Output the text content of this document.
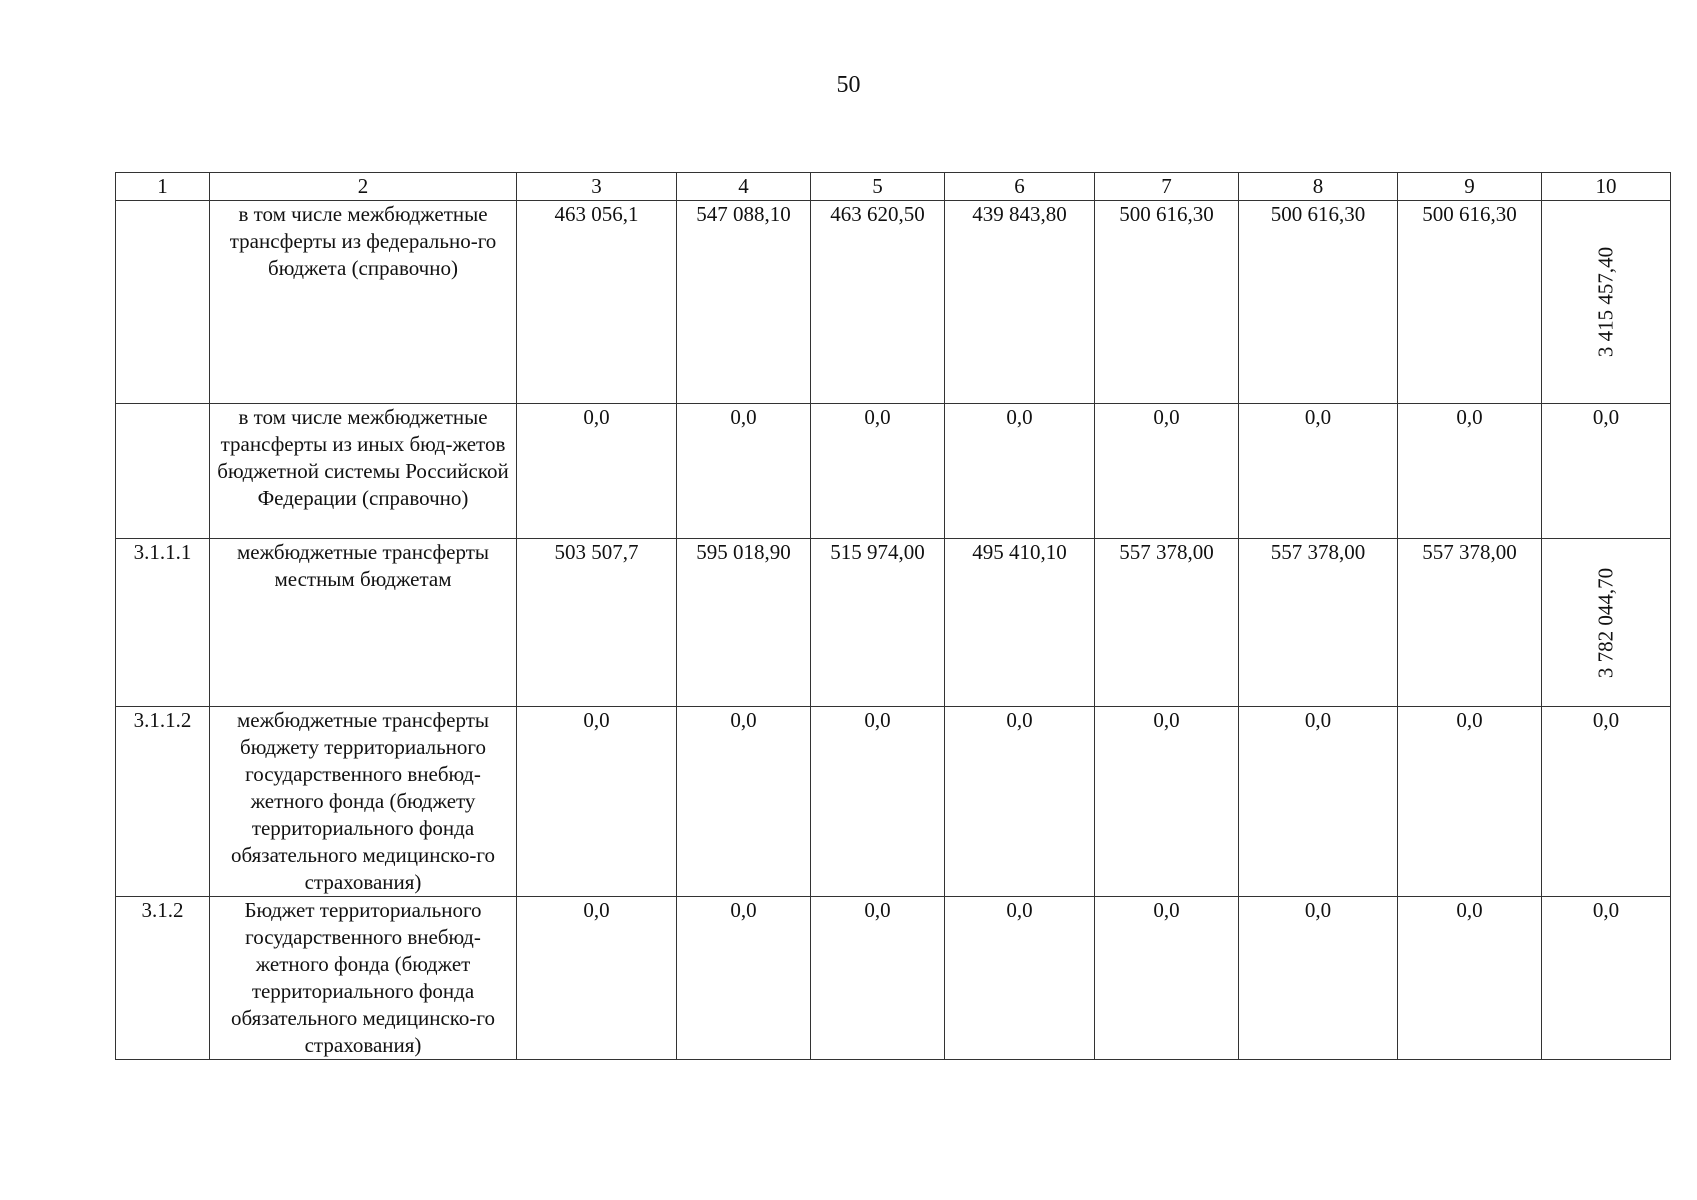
50
1	2	3	4	5	6	7	8	9	10
	в том числе межбюджетные трансферты из федерально-го бюджета (справочно)	463 056,1	547 088,10	463 620,50	439 843,80	500 616,30	500 616,30	500 616,30	3 415 457,40

	в том числе межбюджетные трансферты из иных бюд-жетов бюджетной системы Российской Федерации (справочно)	0,0	0,0	0,0	0,0	0,0	0,0	0,0	0,0
3.1.1.1	межбюджетные трансферты местным бюджетам	503 507,7	595 018,90	515 974,00	495 410,10	557 378,00	557 378,00	557 378,00	3 782 044,70

3.1.1.2	межбюджетные трансферты бюджету территориального государственного внебюд-жетного фонда (бюджету территориального фонда обязательного медицинско-го страхования)	0,0	0,0	0,0	0,0	0,0	0,0	0,0	0,0
3.1.2	Бюджет территориального государственного внебюд-жетного фонда (бюджет территориального фонда обязательного медицинско-го страхования)	0,0	0,0	0,0	0,0	0,0	0,0	0,0	0,0
